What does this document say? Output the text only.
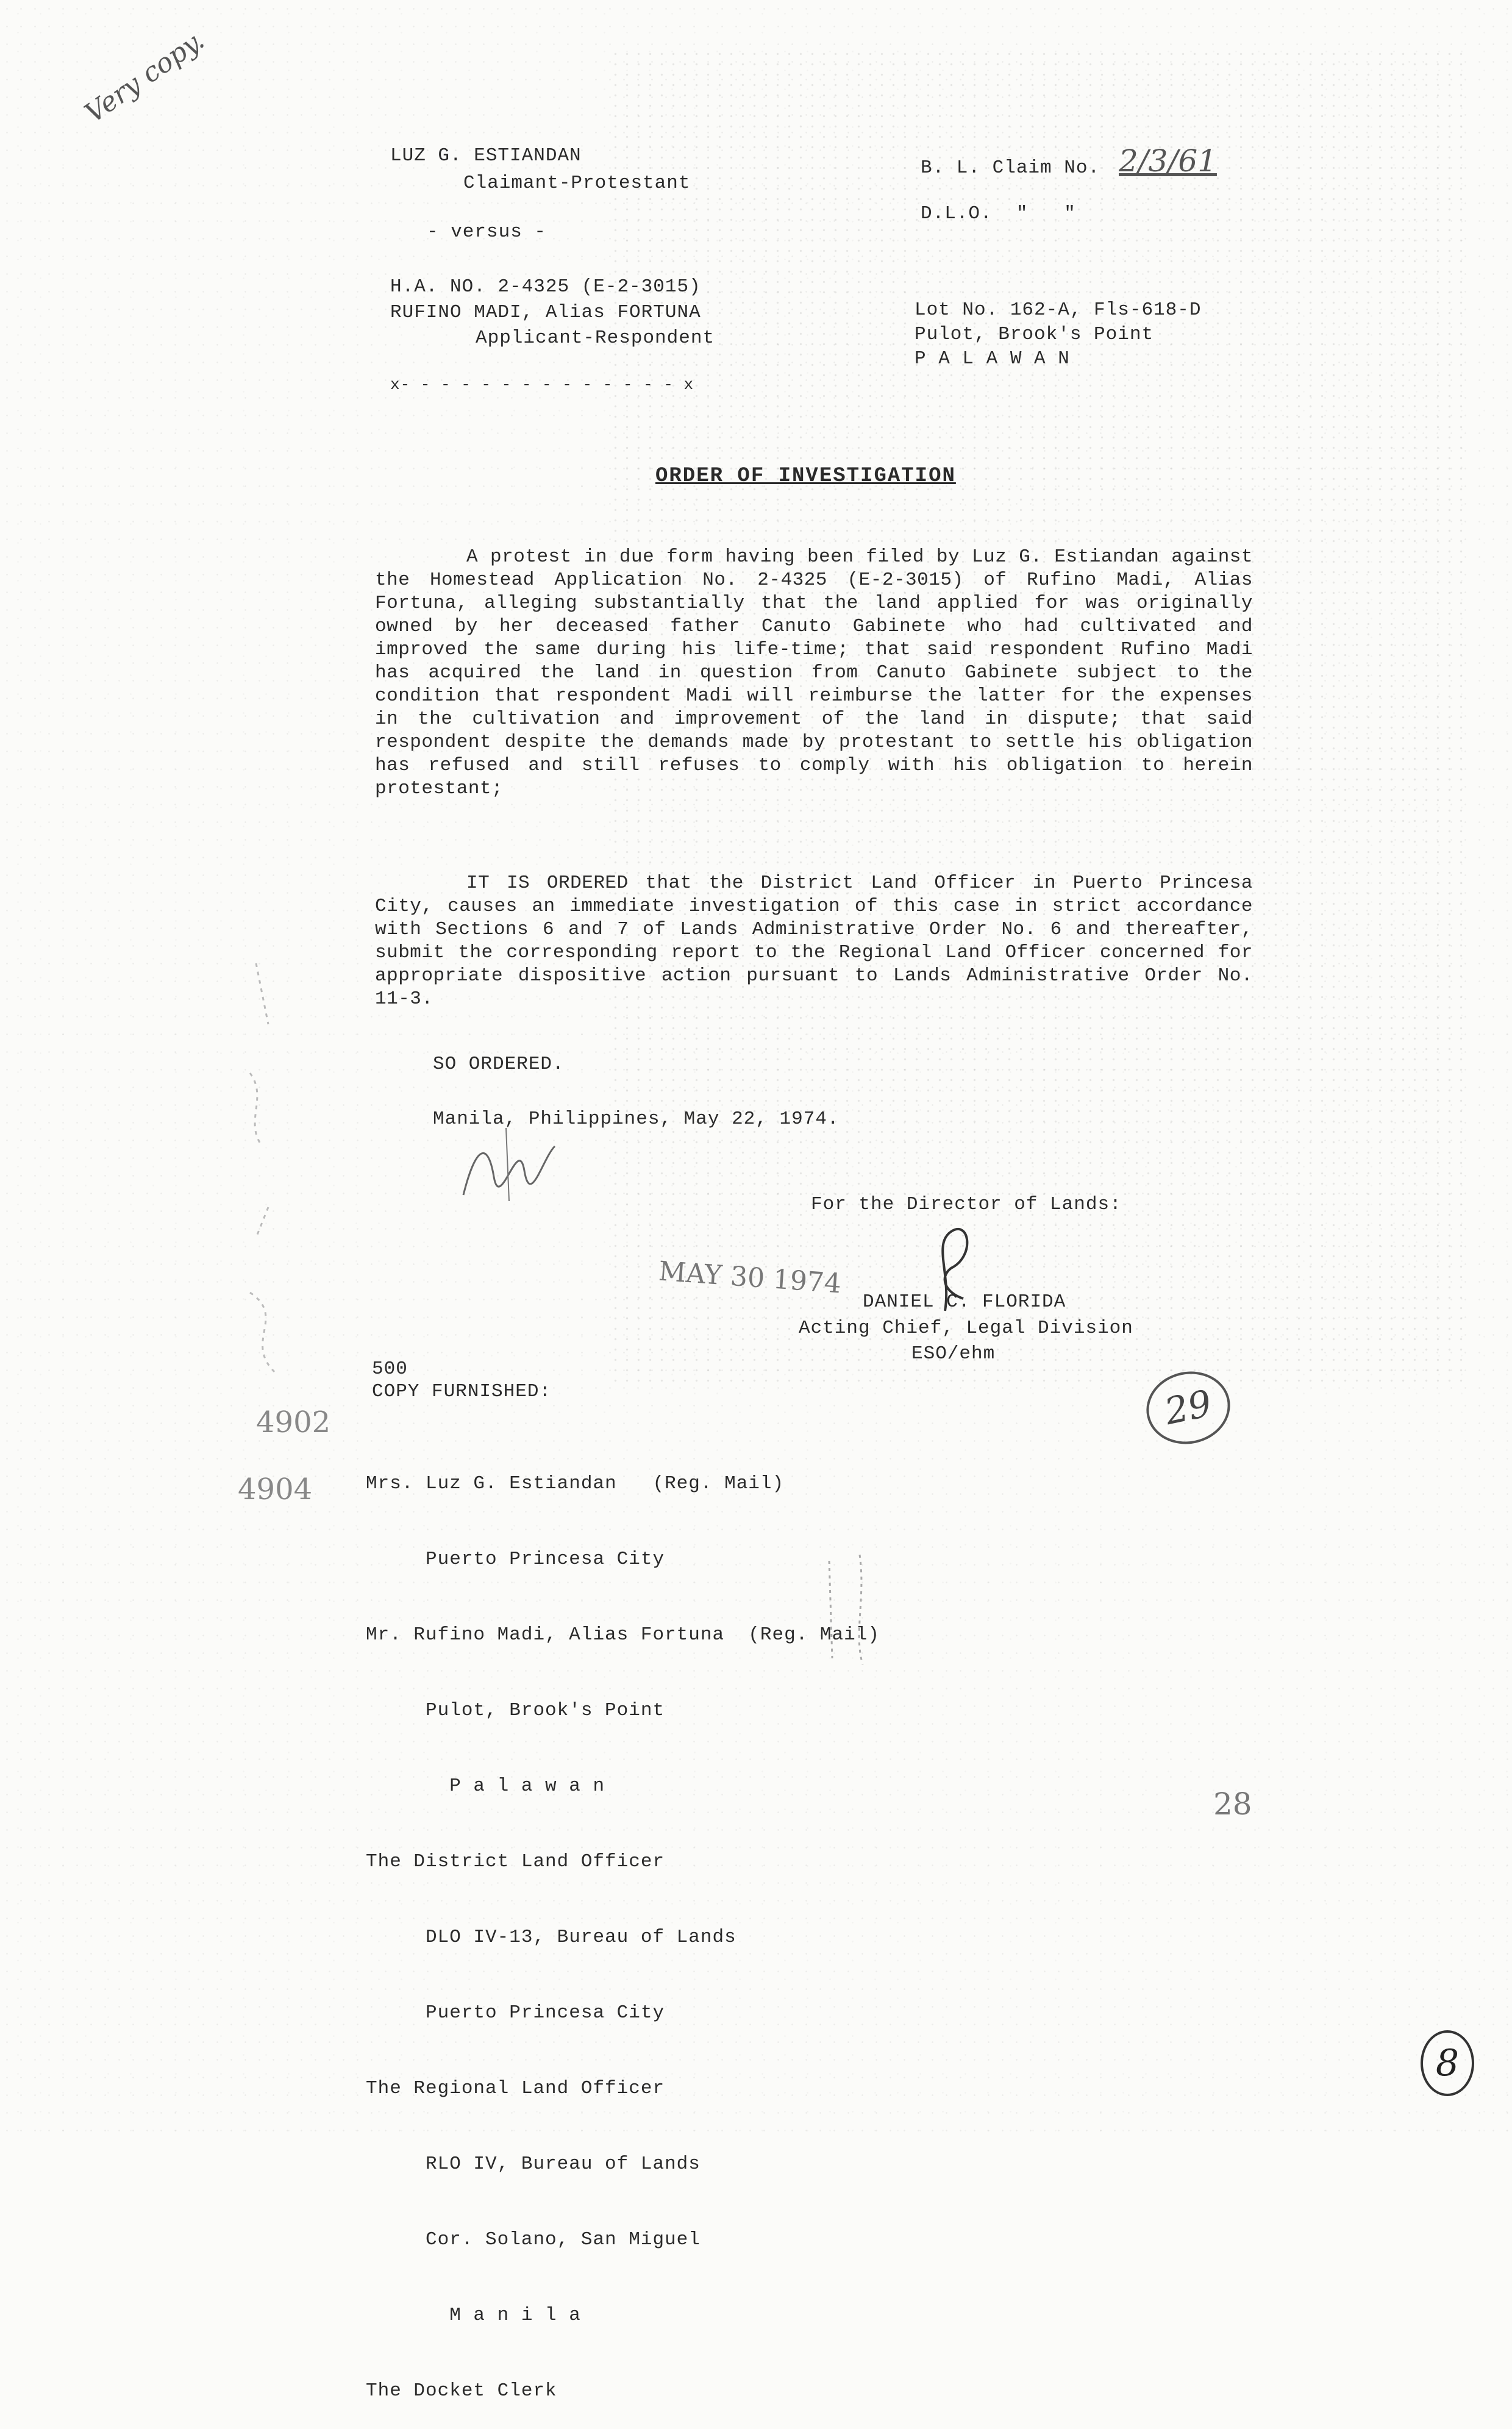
Very copy.
LUZ G. ESTIANDAN
Claimant-Protestant
- versus -
H.A. NO. 2-4325 (E-2-3015)
RUFINO MADI, Alias FORTUNA
Applicant-Respondent
x- - - - - - - - - - - - - - x
B. L. Claim No. 2/3/61
D.L.O.  "   "
Lot No. 162-A, Fls-618-D
Pulot, Brook's Point
P A L A W A N
ORDER OF INVESTIGATION
A protest in due form having been filed by Luz G. Estiandan against the Homestead Application No. 2-4325 (E-2-3015) of Rufino Madi, Alias Fortuna, alleging substantially that the land applied for was originally owned by her deceased father Canuto Gabinete who had cultivated and improved the same during his life-time; that said respondent Rufino Madi has acquired the land in question from Canuto Gabinete subject to the condition that respondent Madi will reimburse the latter for the expenses in the cultivation and improvement of the land in dispute; that said respondent despite the demands made by protestant to settle his obligation has refused and still refuses to comply with his obligation to herein protestant;
IT IS ORDERED that the District Land Officer in Puerto Princesa City, causes an immediate investigation of this case in strict accordance with Sections 6 and 7 of Lands Administrative Order No. 6 and thereafter, submit the corresponding report to the Regional Land Officer concerned for appropriate dispositive action pursuant to Lands Administrative Order No. 11-3.
SO ORDERED.
Manila, Philippines, May 22, 1974.
For the Director of Lands:
MAY 30 1974
DANIEL C. FLORIDA
Acting Chief, Legal Division
ESO/ehm
500
COPY FURNISHED:

Mrs. Luz G. Estiandan   (Reg. Mail)

Puerto Princesa City

Mr. Rufino Madi, Alias Fortuna  (Reg. Mail)

Pulot, Brook's Point

P a l a w a n

The District Land Officer

DLO IV-13, Bureau of Lands

Puerto Princesa City

The Regional Land Officer

RLO IV, Bureau of Lands

Cor. Solano, San Miguel

M a n i l a

The Docket Clerk

4902
4904
29
28
8
